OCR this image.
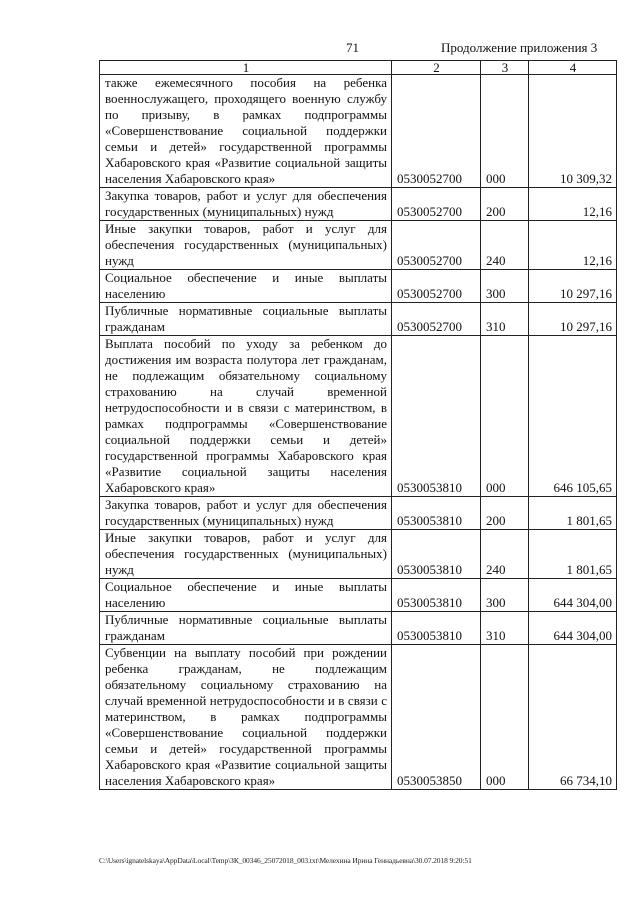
71	Продолжение приложения 3
1	2	3	4
также ежемесячного пособия на ребенка военнослужащего, проходящего военную службу по призыву, в рамках подпрограммы «Совершенствование социальной поддержки семьи и детей» государственной программы Хабаровского края «Развитие социальной защиты населения Хабаровского края»	0530052700	000	10 309,32
Закупка товаров, работ и услуг для обеспечения государственных (муниципальных) нужд	0530052700	200	12,16
Иные закупки товаров, работ и услуг для обеспечения государственных (муниципальных) нужд	0530052700	240	12,16
Социальное обеспечение и иные выплаты населению	0530052700	300	10 297,16
Публичные нормативные социальные выплаты гражданам	0530052700	310	10 297,16
Выплата пособий по уходу за ребенком до достижения им возраста полутора лет гражданам, не подлежащим обязательному социальному страхованию на случай временной нетрудоспособности и в связи с материнством, в рамках подпрограммы «Совершенствование социальной поддержки семьи и детей» государственной программы Хабаровского края «Развитие социальной защиты населения Хабаровского края»	0530053810	000	646 105,65
Закупка товаров, работ и услуг для обеспечения государственных (муниципальных) нужд	0530053810	200	1 801,65
Иные закупки товаров, работ и услуг для обеспечения государственных (муниципальных) нужд	0530053810	240	1 801,65
Социальное обеспечение и иные выплаты населению	0530053810	300	644 304,00
Публичные нормативные социальные выплаты гражданам	0530053810	310	644 304,00
Субвенции на выплату пособий при рождении ребенка гражданам, не подлежащим обязательному социальному страхованию на случай временной нетрудоспособности и в связи с материнством, в рамках подпрограммы «Совершенствование социальной поддержки семьи и детей» государственной программы Хабаровского края «Развитие социальной защиты населения Хабаровского края»	0530053850	000	66 734,10
C:\Users\ignatelskaya\AppData\Local\Temp\ЗК_00346_25072018_003.txt\Мелехина Ирина Геннадьевна\30.07.2018 9:20:51
